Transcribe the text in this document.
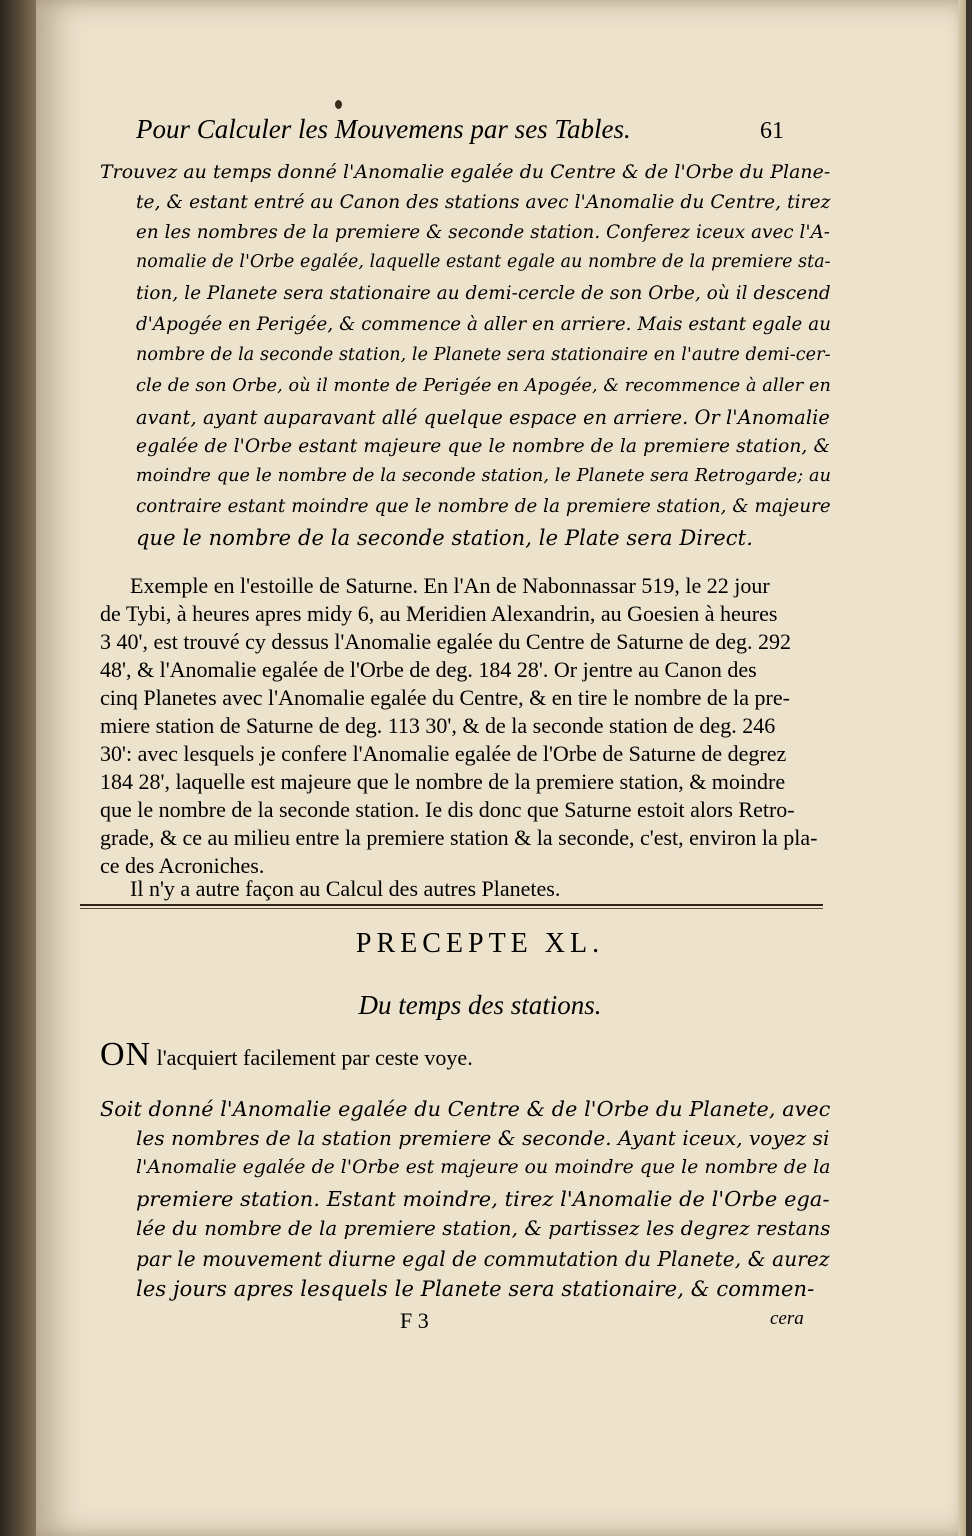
Pour Calculer les Mouvemens par ses Tables.	61
Trouvez au temps donné l'Anomalie egalée du Centre & de l'Orbe du Plane-
te, & estant entré au Canon des stations avec l'Anomalie du Centre, tirez
en les nombres de la premiere & seconde station. Conferez iceux avec l'A-
nomalie de l'Orbe egalée, laquelle estant egale au nombre de la premiere sta-
tion, le Planete sera stationaire au demi-cercle de son Orbe, où il descend
d'Apogée en Perigée, & commence à aller en arriere. Mais estant egale au
nombre de la seconde station, le Planete sera stationaire en l'autre demi-cer-
cle de son Orbe, où il monte de Perigée en Apogée, & recommence à aller en
avant, ayant auparavant allé quelque espace en arriere. Or l'Anomalie
egalée de l'Orbe estant majeure que le nombre de la premiere station, &
moindre que le nombre de la seconde station, le Planete sera Retrogarde; au
contraire estant moindre que le nombre de la premiere station, & majeure
que le nombre de la seconde station, le Plate sera Direct.
Exemple en l'estoille de Saturne. En l'An de Nabonnassar 519, le 22 jour
de Tybi, à heures apres midy 6, au Meridien Alexandrin, au Goesien à heures
3 40', est trouvé cy dessus l'Anomalie egalée du Centre de Saturne de deg. 292
48', & l'Anomalie egalée de l'Orbe de deg. 184 28'. Or jentre au Canon des
cinq Planetes avec l'Anomalie egalée du Centre, & en tire le nombre de la pre-
miere station de Saturne de deg. 113 30', & de la seconde station de deg. 246
30': avec lesquels je confere l'Anomalie egalée de l'Orbe de Saturne de degrez
184 28', laquelle est majeure que le nombre de la premiere station, & moindre
que le nombre de la seconde station. Ie dis donc que Saturne estoit alors Retro-
grade, & ce au milieu entre la premiere station & la seconde, c'est, environ la pla-
ce des Acroniches.
Il n'y a autre façon au Calcul des autres Planetes.
PRECEPTE XL.
Du temps des stations.
ON l'acquiert facilement par ceste voye.
Soit donné l'Anomalie egalée du Centre & de l'Orbe du Planete, avec
les nombres de la station premiere & seconde. Ayant iceux, voyez si
l'Anomalie egalée de l'Orbe est majeure ou moindre que le nombre de la
premiere station. Estant moindre, tirez l'Anomalie de l'Orbe ega-
lée du nombre de la premiere station, & partissez les degrez restans
par le mouvement diurne egal de commutation du Planete, & aurez
les jours apres lesquels le Planete sera stationaire, & commen-
F 3	cera
